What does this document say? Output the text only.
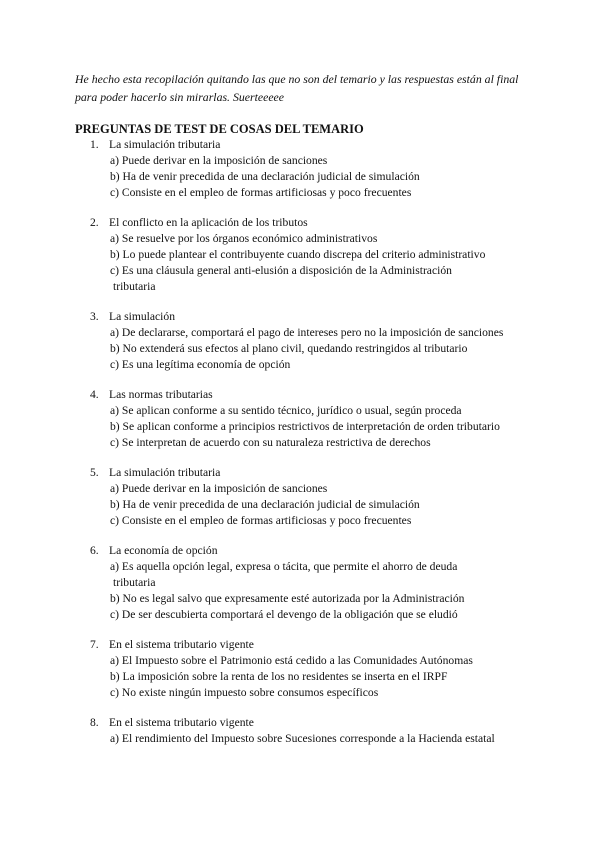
He hecho esta recopilación quitando las que no son del temario y las respuestas están al final
para poder hacerlo sin mirarlas. Suerteeeee
PREGUNTAS DE TEST DE COSAS DEL TEMARIO
1. La simulación tributaria
a) Puede derivar en la imposición de sanciones
b) Ha de venir precedida de una declaración judicial de simulación
c) Consiste en el empleo de formas artificiosas y poco frecuentes
2. El conflicto en la aplicación de los tributos
a) Se resuelve por los órganos económico administrativos
b) Lo puede plantear el contribuyente cuando discrepa del criterio administrativo
c) Es una cláusula general anti-elusión a disposición de la Administración
tributaria
3. La simulación
a) De declararse, comportará el pago de intereses pero no la imposición de sanciones
b) No extenderá sus efectos al plano civil, quedando restringidos al tributario
c) Es una legítima economía de opción
4. Las normas tributarias
a) Se aplican conforme a su sentido técnico, jurídico o usual, según proceda
b) Se aplican conforme a principios restrictivos de interpretación de orden tributario
c) Se interpretan de acuerdo con su naturaleza restrictiva de derechos
5. La simulación tributaria
a) Puede derivar en la imposición de sanciones
b) Ha de venir precedida de una declaración judicial de simulación
c) Consiste en el empleo de formas artificiosas y poco frecuentes
6. La economía de opción
a) Es aquella opción legal, expresa o tácita, que permite el ahorro de deuda
tributaria
b) No es legal salvo que expresamente esté autorizada por la Administración
c) De ser descubierta comportará el devengo de la obligación que se eludió
7. En el sistema tributario vigente
a) El Impuesto sobre el Patrimonio está cedido a las Comunidades Autónomas
b) La imposición sobre la renta de los no residentes se inserta en el IRPF
c) No existe ningún impuesto sobre consumos específicos
8. En el sistema tributario vigente
a) El rendimiento del Impuesto sobre Sucesiones corresponde a la Hacienda estatal
